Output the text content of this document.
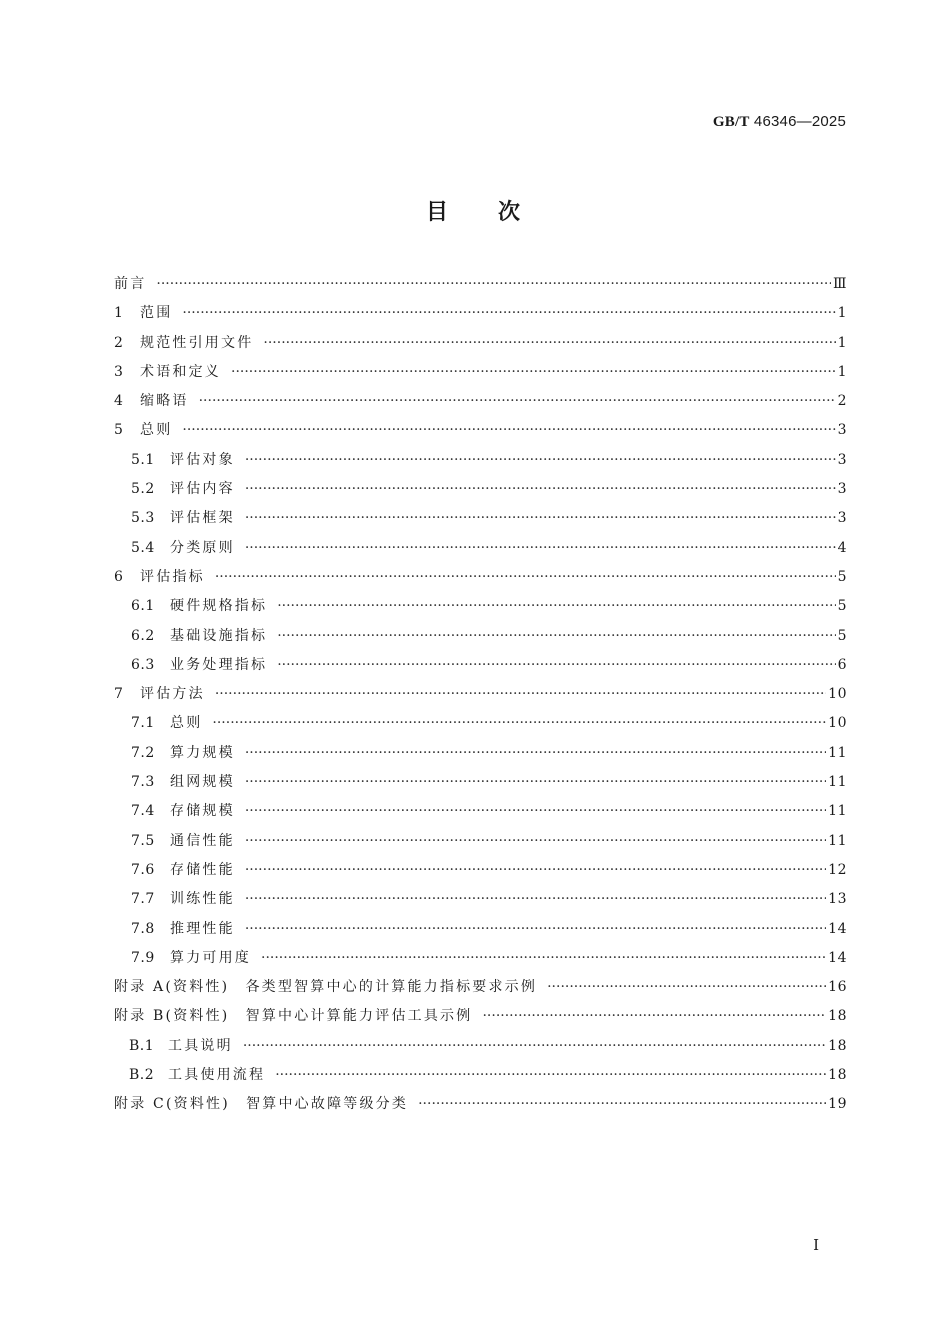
GB/T 46346—2025
目 次
前言 ·····	Ⅲ
1	范围 ·····	1
2	规范性引用文件 ·····	1
3	术语和定义 ·····	1
4	缩略语 ·····	2
5	总则 ·····	3
5.1	评估对象 ·····	3
5.2	评估内容 ·····	3
5.3	评估框架 ·····	3
5.4	分类原则 ·····	4
6	评估指标 ·····	5
6.1	硬件规格指标 ·····	5
6.2	基础设施指标 ·····	5
6.3	业务处理指标 ·····	6
7	评估方法 ·····	10
7.1	总则 ·····	10
7.2	算力规模 ·····	11
7.3	组网规模 ·····	11
7.4	存储规模 ·····	11
7.5	通信性能 ·····	11
7.6	存储性能 ·····	12
7.7	训练性能 ·····	13
7.8	推理性能 ·····	14
7.9	算力可用度 ·····	14
附录 A(资料性)　各类型智算中心的计算能力指标要求示例 ·····	16
附录 B(资料性)　智算中心计算能力评估工具示例 ·····	18
B.1 工具说明 ·····	18
B.2 工具使用流程 ·····	18
附录 C(资料性)　智算中心故障等级分类 ·····	19
I
